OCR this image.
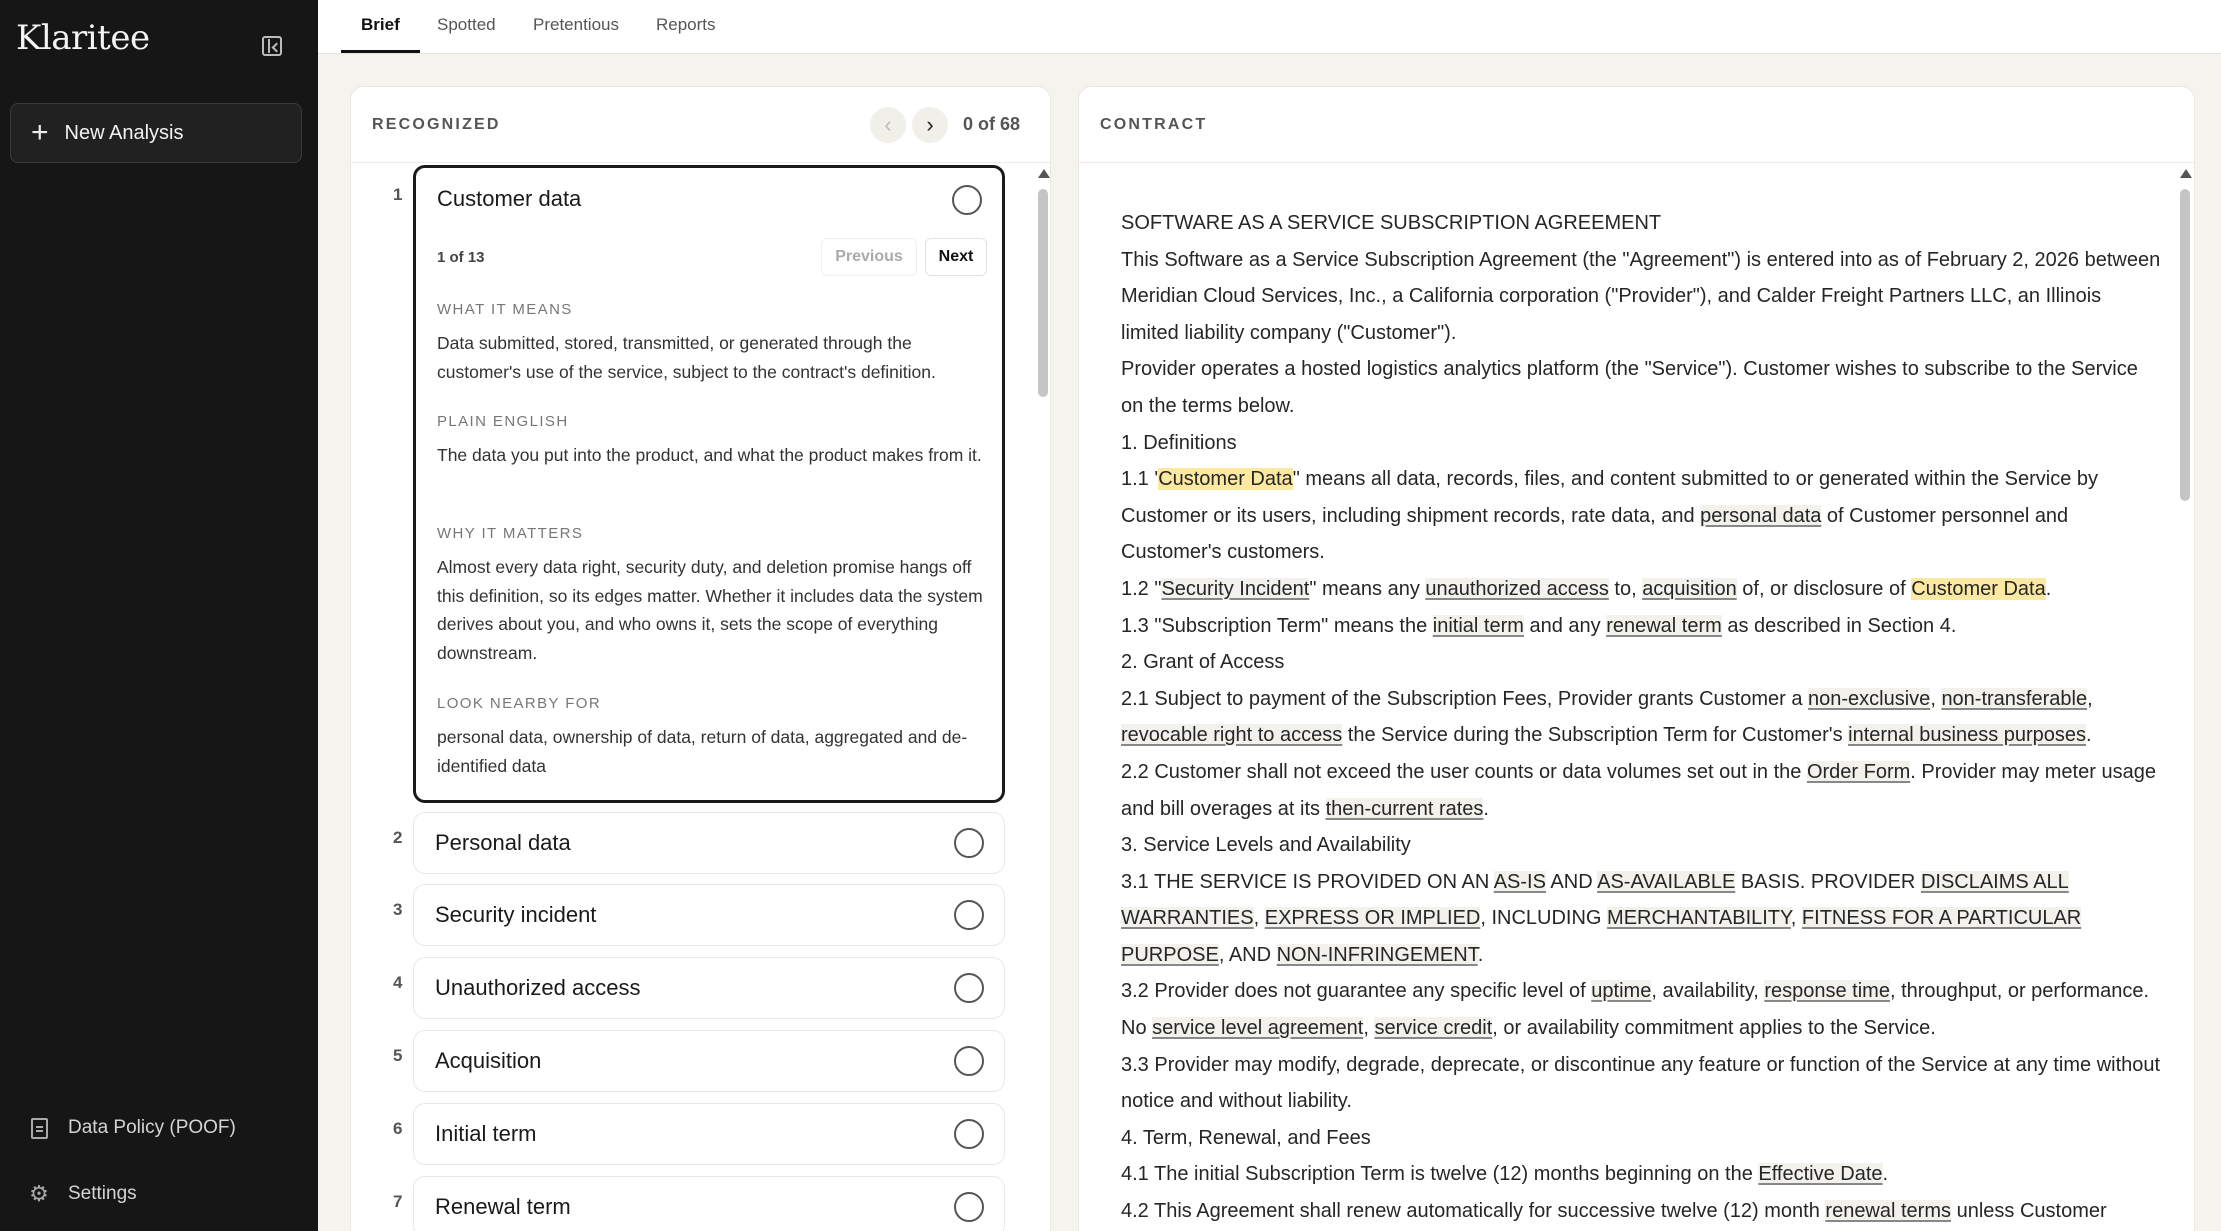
Klaritee
+ New Analysis
Data Policy (POOF)
⚙ Settings
Brief Spotted Pretentious Reports
RECOGNIZED	‹ › 0 of 68
1 Customer data
1 of 13	Previous	Next
WHAT IT MEANS
Data submitted, stored, transmitted, or generated through the customer's use of the service, subject to the contract's definition.
PLAIN ENGLISH
The data you put into the product, and what the product makes from it.
WHY IT MATTERS
Almost every data right, security duty, and deletion promise hangs off this definition, so its edges matter. Whether it includes data the system derives about you, and who owns it, sets the scope of everything downstream.
LOOK NEARBY FOR
personal data, ownership of data, return of data, aggregated and de-identified data
2 Personal data
3 Security incident
4 Unauthorized access
5 Acquisition
6 Initial term
7 Renewal term
CONTRACT

SOFTWARE AS A SERVICE SUBSCRIPTION AGREEMENT

This Software as a Service Subscription Agreement (the "Agreement") is entered into as of February 2, 2026 between Meridian Cloud Services, Inc., a California corporation ("Provider"), and Calder Freight Partners LLC, an Illinois limited liability company ("Customer").

Provider operates a hosted logistics analytics platform (the "Service"). Customer wishes to subscribe to the Service on the terms below.

1. Definitions

1.1 'Customer Data" means all data, records, files, and content submitted to or generated within the Service by Customer or its users, including shipment records, rate data, and personal data of Customer personnel and Customer's customers.

1.2 "Security Incident" means any unauthorized access to, acquisition of, or disclosure of Customer Data.

1.3 "Subscription Term" means the initial term and any renewal term as described in Section 4.

2. Grant of Access

2.1 Subject to payment of the Subscription Fees, Provider grants Customer a non-exclusive, non-transferable, revocable right to access the Service during the Subscription Term for Customer's internal business purposes.

2.2 Customer shall not exceed the user counts or data volumes set out in the Order Form. Provider may meter usage and bill overages at its then-current rates.

3. Service Levels and Availability

3.1 THE SERVICE IS PROVIDED ON AN AS-IS AND AS-AVAILABLE BASIS. PROVIDER DISCLAIMS ALL WARRANTIES, EXPRESS OR IMPLIED, INCLUDING MERCHANTABILITY, FITNESS FOR A PARTICULAR PURPOSE, AND NON-INFRINGEMENT.

3.2 Provider does not guarantee any specific level of uptime, availability, response time, throughput, or performance. No service level agreement, service credit, or availability commitment applies to the Service.

3.3 Provider may modify, degrade, deprecate, or discontinue any feature or function of the Service at any time without notice and without liability.

4. Term, Renewal, and Fees

4.1 The initial Subscription Term is twelve (12) months beginning on the Effective Date.

4.2 This Agreement shall renew automatically for successive twelve (12) month renewal terms unless Customer
